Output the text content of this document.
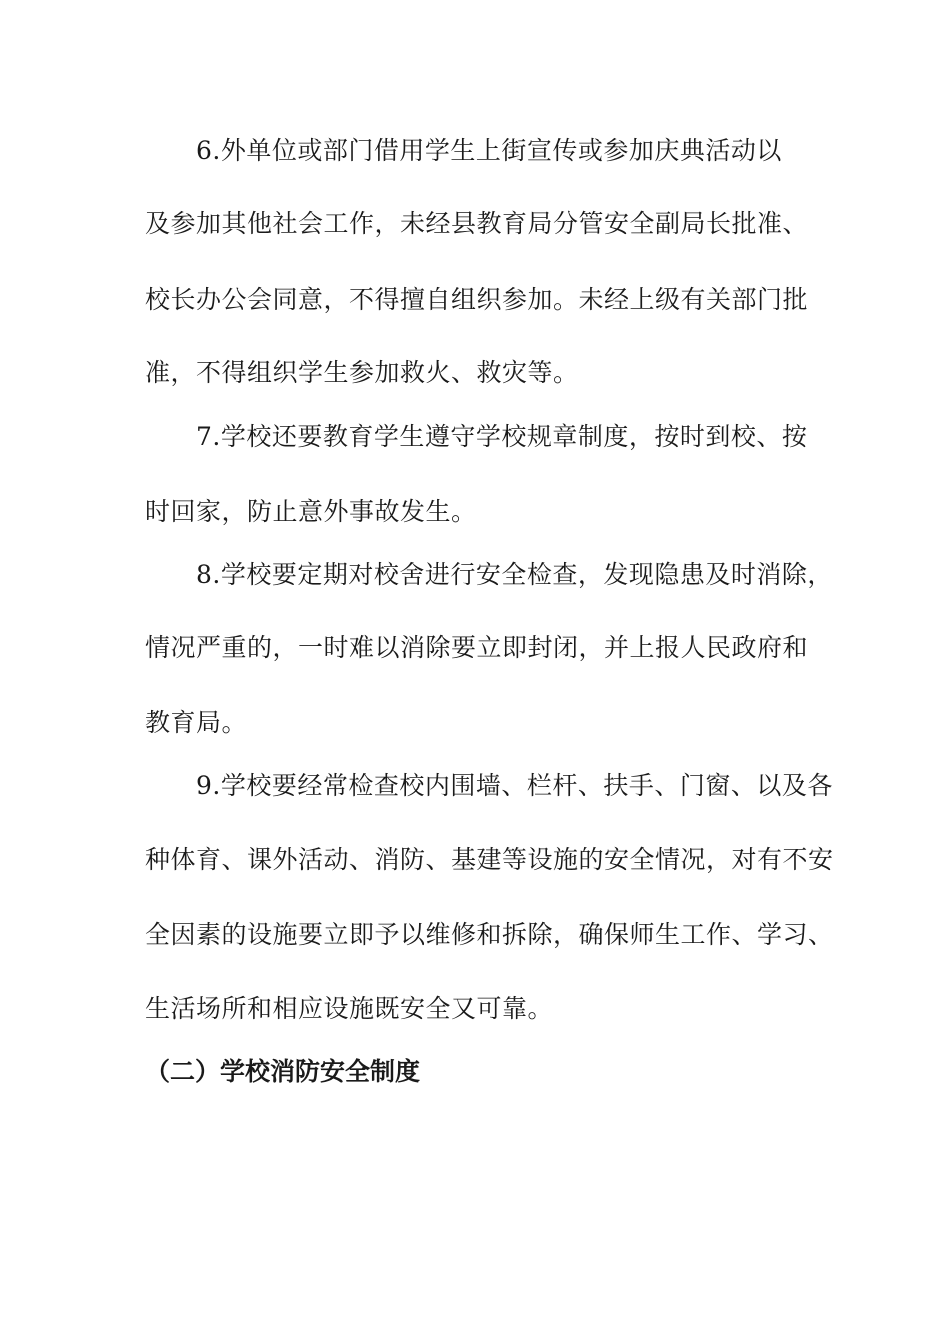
6.外单位或部门借用学生上街宣传或参加庆典活动以
及参加其他社会工作，未经县教育局分管安全副局长批准、
校长办公会同意，不得擅自组织参加。未经上级有关部门批
准，不得组织学生参加救火、救灾等。
7.学校还要教育学生遵守学校规章制度，按时到校、按
时回家，防止意外事故发生。
8.学校要定期对校舍进行安全检查，发现隐患及时消除，
情况严重的，一时难以消除要立即封闭，并上报人民政府和
教育局。
9.学校要经常检查校内围墙、栏杆、扶手、门窗、以及各
种体育、课外活动、消防、基建等设施的安全情况，对有不安
全因素的设施要立即予以维修和拆除，确保师生工作、学习、
生活场所和相应设施既安全又可靠。
（二）学校消防安全制度
